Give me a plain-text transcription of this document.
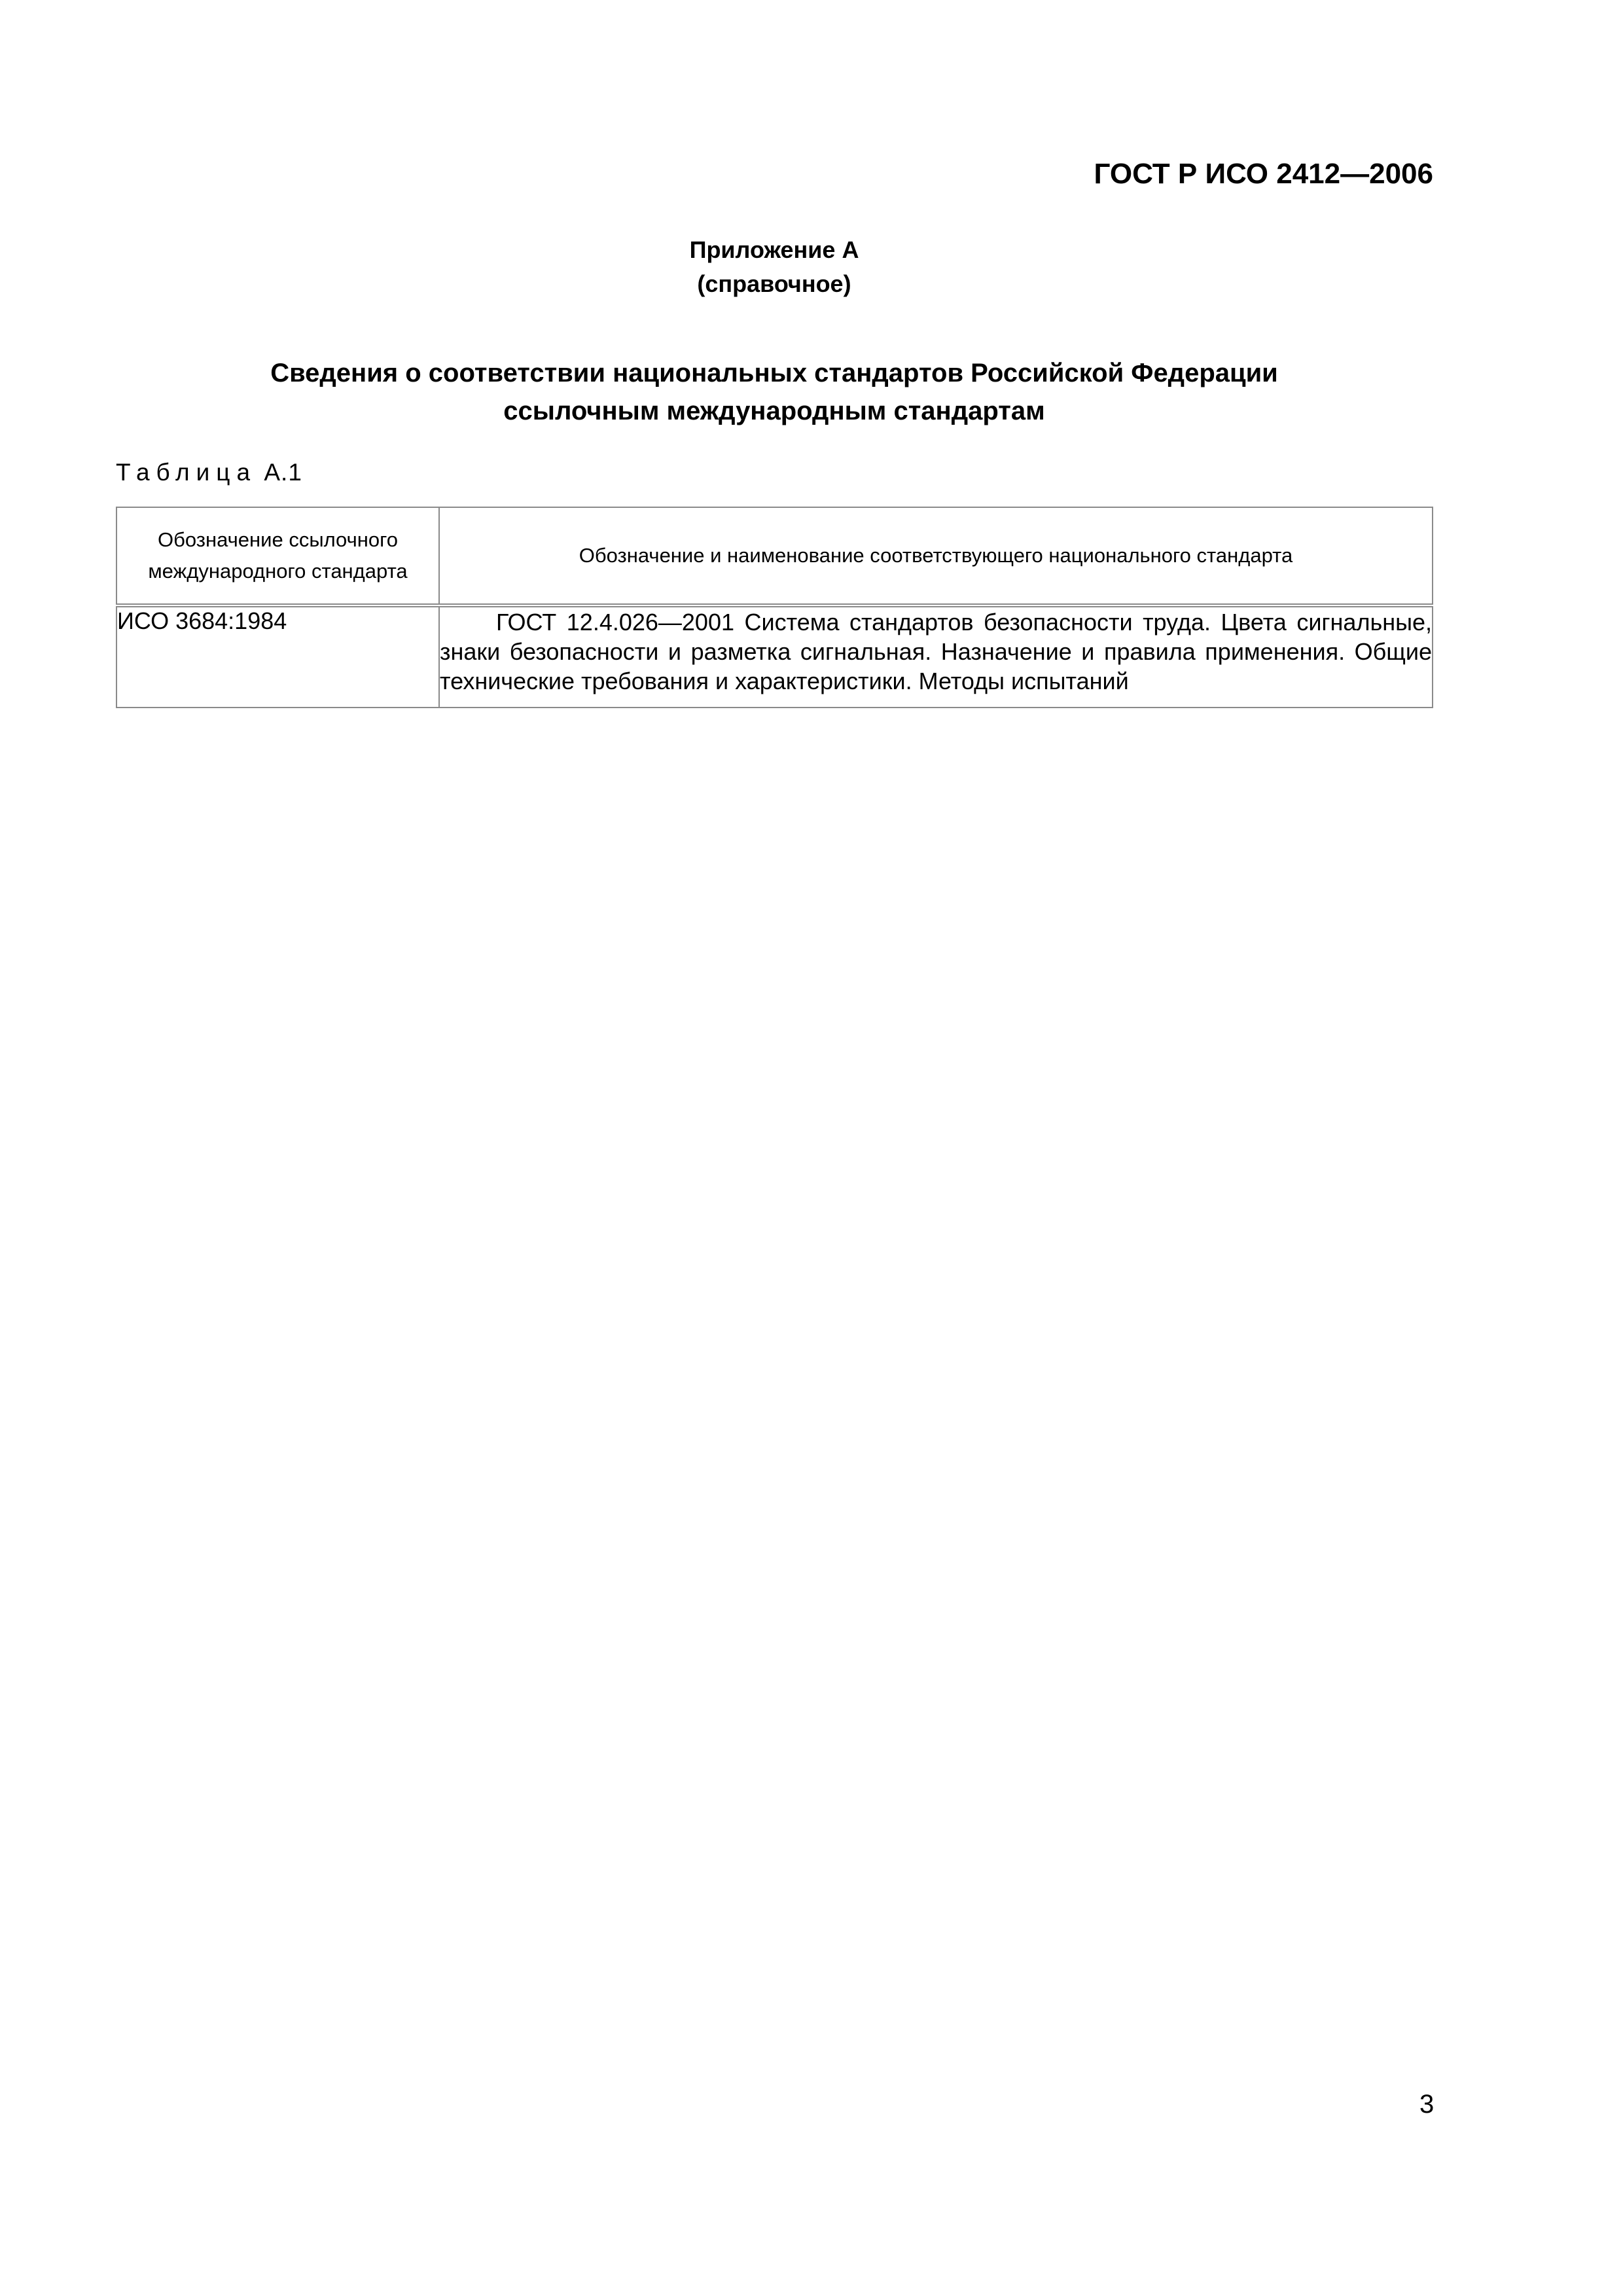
ГОСТ Р ИСО 2412—2006
Приложение А
(справочное)
Сведения о соответствии национальных стандартов Российской Федерации
ссылочным международным стандартам
Таблица А.1
Обозначение ссылочного международного стандарта	Обозначение и наименование соответствующего национального стандарта
ИСО 3684:1984	ГОСТ 12.4.026—2001 Система стандартов безопасности труда. Цвета сигнальные, знаки безопасности и разметка сигнальная. Назначение и правила применения. Общие технические требования и характеристики. Методы испытаний
3
